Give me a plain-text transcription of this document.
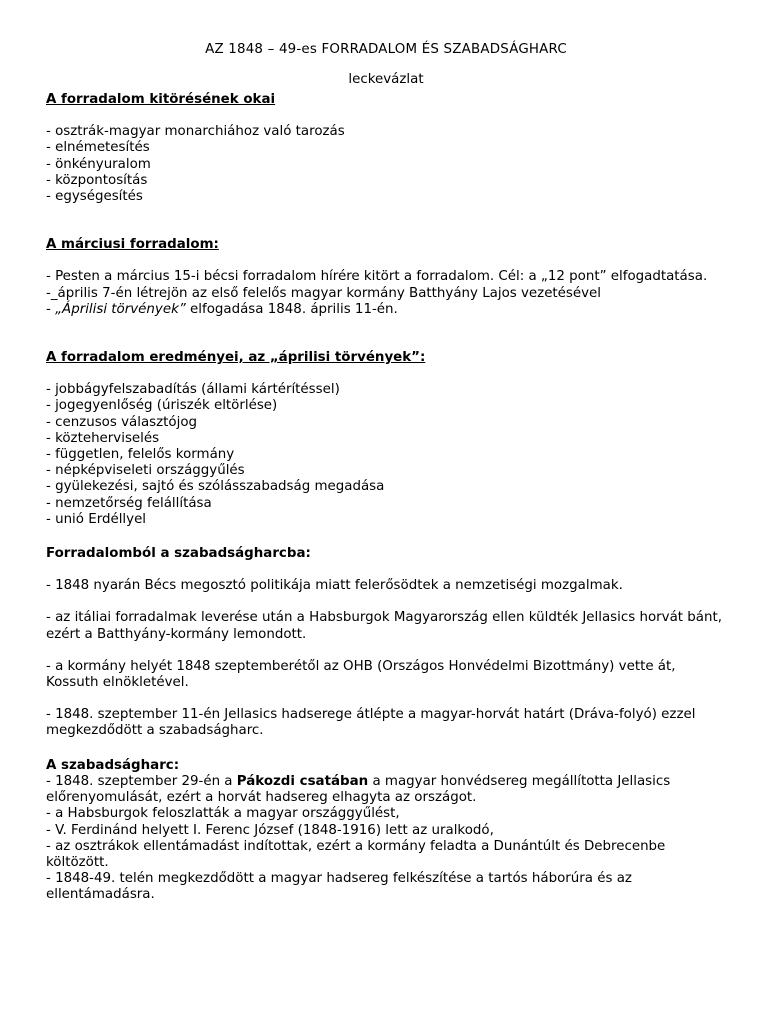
AZ 1848 – 49-es FORRADALOM ÉS SZABADSÁGHARC

leckevázlat

A forradalom kitörésének okai

- osztrák-magyar monarchiához való tarozás

- elnémetesítés

- önkényuralom

- központosítás

- egységesítés

A márciusi forradalom:

- Pesten a március 15-i bécsi forradalom hírére kitört a forradalom. Cél: a „12 pont” elfogadtatása.

-_április 7-én létrejön az első felelős magyar kormány Batthyány Lajos vezetésével

- „Áprilisi törvények” elfogadása 1848. április 11-én.

A forradalom eredményei, az „áprilisi törvények”:

- jobbágyfelszabadítás (állami kártérítéssel)

- jogegyenlőség (úriszék eltörlése)

- cenzusos választójog

- közteherviselés

- független, felelős kormány

- népképviseleti országgyűlés

- gyülekezési, sajtó és szólásszabadság megadása

- nemzetőrség felállítása

- unió Erdéllyel

Forradalomból a szabadságharcba:

- 1848 nyarán Bécs megosztó politikája miatt felerősödtek a nemzetiségi mozgalmak.

- az itáliai forradalmak leverése után a Habsburgok Magyarország ellen küldték Jellasics horvát bánt, ezért a Batthyány-kormány lemondott.

- a kormány helyét 1848 szeptemberétől az OHB (Országos Honvédelmi Bizottmány) vette át, Kossuth elnökletével.

- 1848. szeptember 11-én Jellasics hadserege átlépte a magyar-horvát határt (Dráva-folyó) ezzel megkezdődött a szabadságharc.

A szabadságharc:

- 1848. szeptember 29-én a Pákozdi csatában a magyar honvédsereg megállította Jellasics előrenyomulását, ezért a horvát hadsereg elhagyta az országot.

- a Habsburgok feloszlatták a magyar országgyűlést,

- V. Ferdinánd helyett I. Ferenc József (1848-1916) lett az uralkodó,

- az osztrákok ellentámadást indítottak, ezért a kormány feladta a Dunántúlt és Debrecenbe költözött.

- 1848-49. telén megkezdődött a magyar hadsereg felkészítése a tartós háborúra és az ellentámadásra.
